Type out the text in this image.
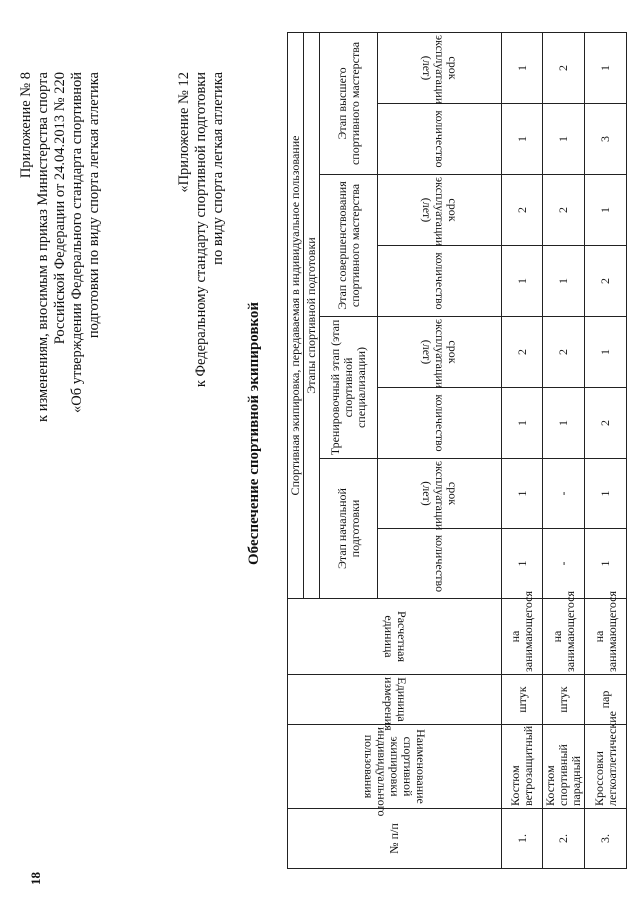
18
Приложение № 8 к изменениям, вносимым в приказ Министерства спорта Российской Федерации от 24.04.2013 № 220 «Об утверждении Федерального стандарта спортивной подготовки по виду спорта легкая атлетика	«Приложение № 12 к Федеральному стандарту спортивной подготовки по виду спорта легкая атлетика
Обеспечение спортивной экипировкой
№ п/п	Наименование спортивной экипировки индивидуального пользования	Единица измерения	Расчетная единица	Спортивная экипировка, передаваемая в индивидуальное пользование							
				Этапы спортивной подготовки							
				Этап начальной подготовки		Тренировочный этап (этап спортивной специализации)		Этап совершенствования спортивного мастерства		Этап высшего спортивного мастерства	

				количество	срок эксплуатации (лет)	количество	срок эксплуатации (лет)	количество	срок эксплуатации (лет)	количество	срок эксплуатации (лет)

1.	Костюм ветрозащитный	штук	на занимающегося	1	1	1	2	1	2	1	1
2.	Костюм спортивный парадный	штук	на занимающегося	-	-	1	2	1	2	1	2
3.	Кроссовки легкоатлетические	пар	на занимающегося	1	1	2	1	2	1	3	1
